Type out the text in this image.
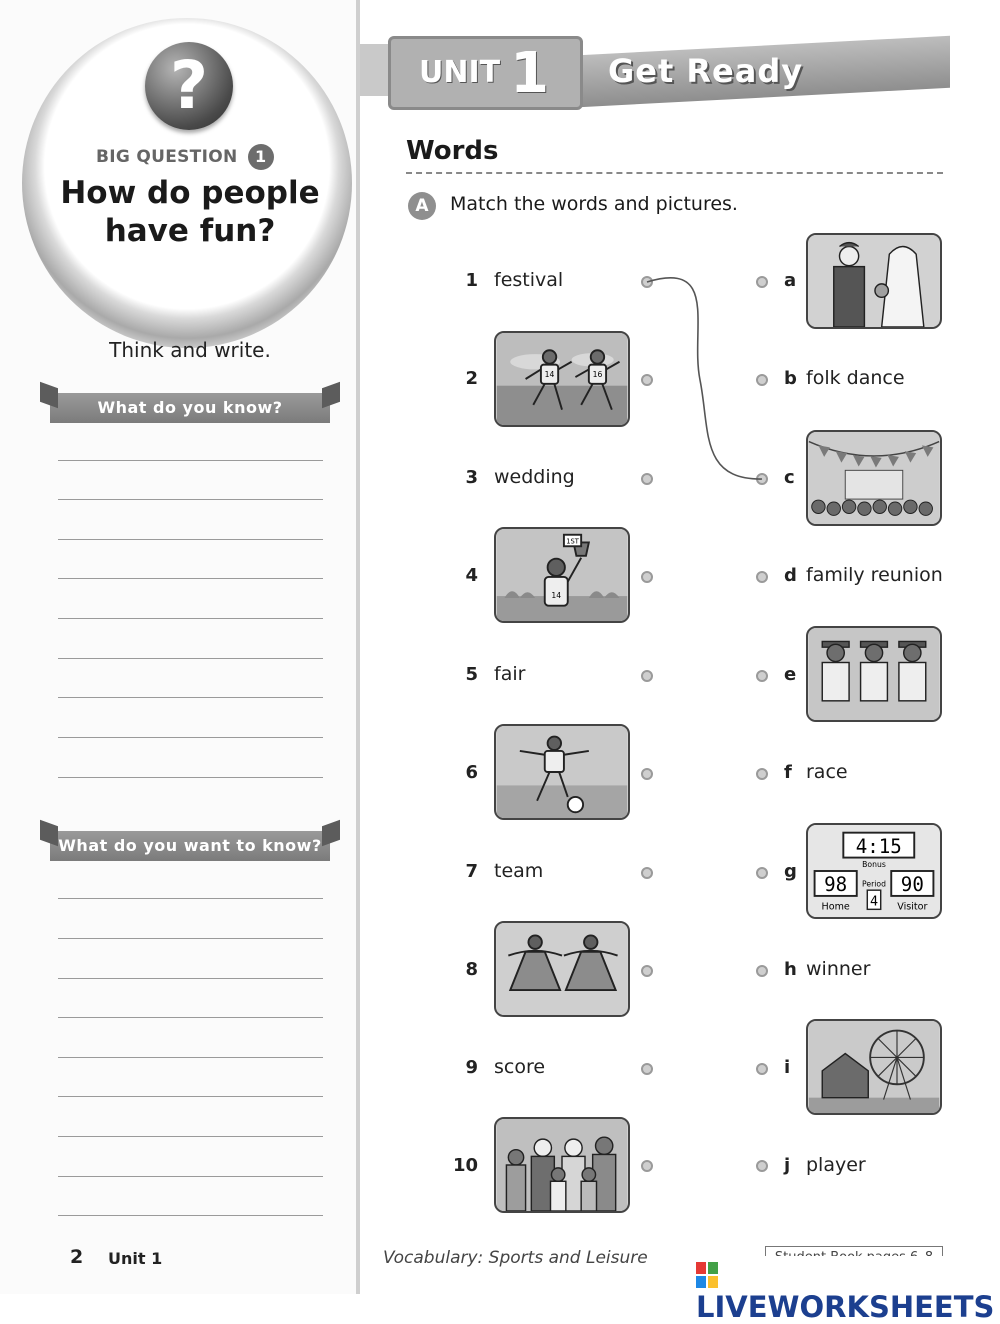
?
BIG QUESTION 1
How do people have fun?
Think and write.
What do you know?
What do you want to know?
2 Unit 1
UNIT 1	Get Ready
Words
A	Match the words and pictures.
1 festival
2	14	16
3 wedding
4
1ST
14
5 fair
6
7 team
8
9 score
10
a
b folk dance
c
d family reunion
e
f race
g
4:15
Bonus
Period
98	90
4
Home	Visitor
h winner
i
j player
Vocabulary: Sports and Leisure
LIVEWORKSHEETS
